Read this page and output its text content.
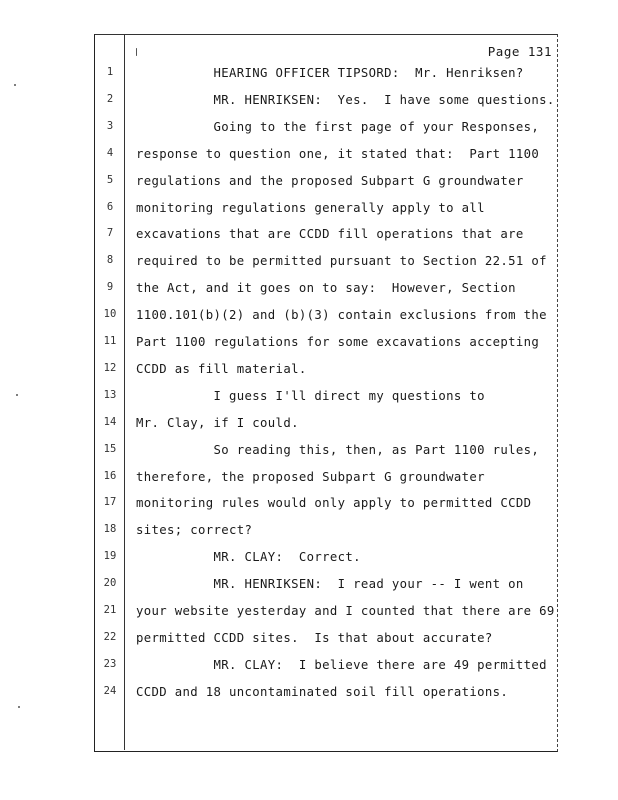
Page 131
1	HEARING OFFICER TIPSORD:  Mr. Henriksen?
2	MR. HENRIKSEN:  Yes.  I have some questions.
3	Going to the first page of your Responses,
4	response to question one, it stated that:  Part 1100
5	regulations and the proposed Subpart G groundwater
6	monitoring regulations generally apply to all
7	excavations that are CCDD fill operations that are
8	required to be permitted pursuant to Section 22.51 of
9	the Act, and it goes on to say:  However, Section
10 1100.101(b)(2) and (b)(3) contain exclusions from the
11 Part 1100 regulations for some excavations accepting
12 CCDD as fill material.
13 I guess I'll direct my questions to
14 Mr. Clay, if I could.
15 So reading this, then, as Part 1100 rules,
16 therefore, the proposed Subpart G groundwater
17 monitoring rules would only apply to permitted CCDD
18 sites; correct?
19 MR. CLAY:  Correct.
20 MR. HENRIKSEN:  I read your -- I went on
21 your website yesterday and I counted that there are 69
22 permitted CCDD sites.  Is that about accurate?
23 MR. CLAY:  I believe there are 49 permitted
24 CCDD and 18 uncontaminated soil fill operations.
